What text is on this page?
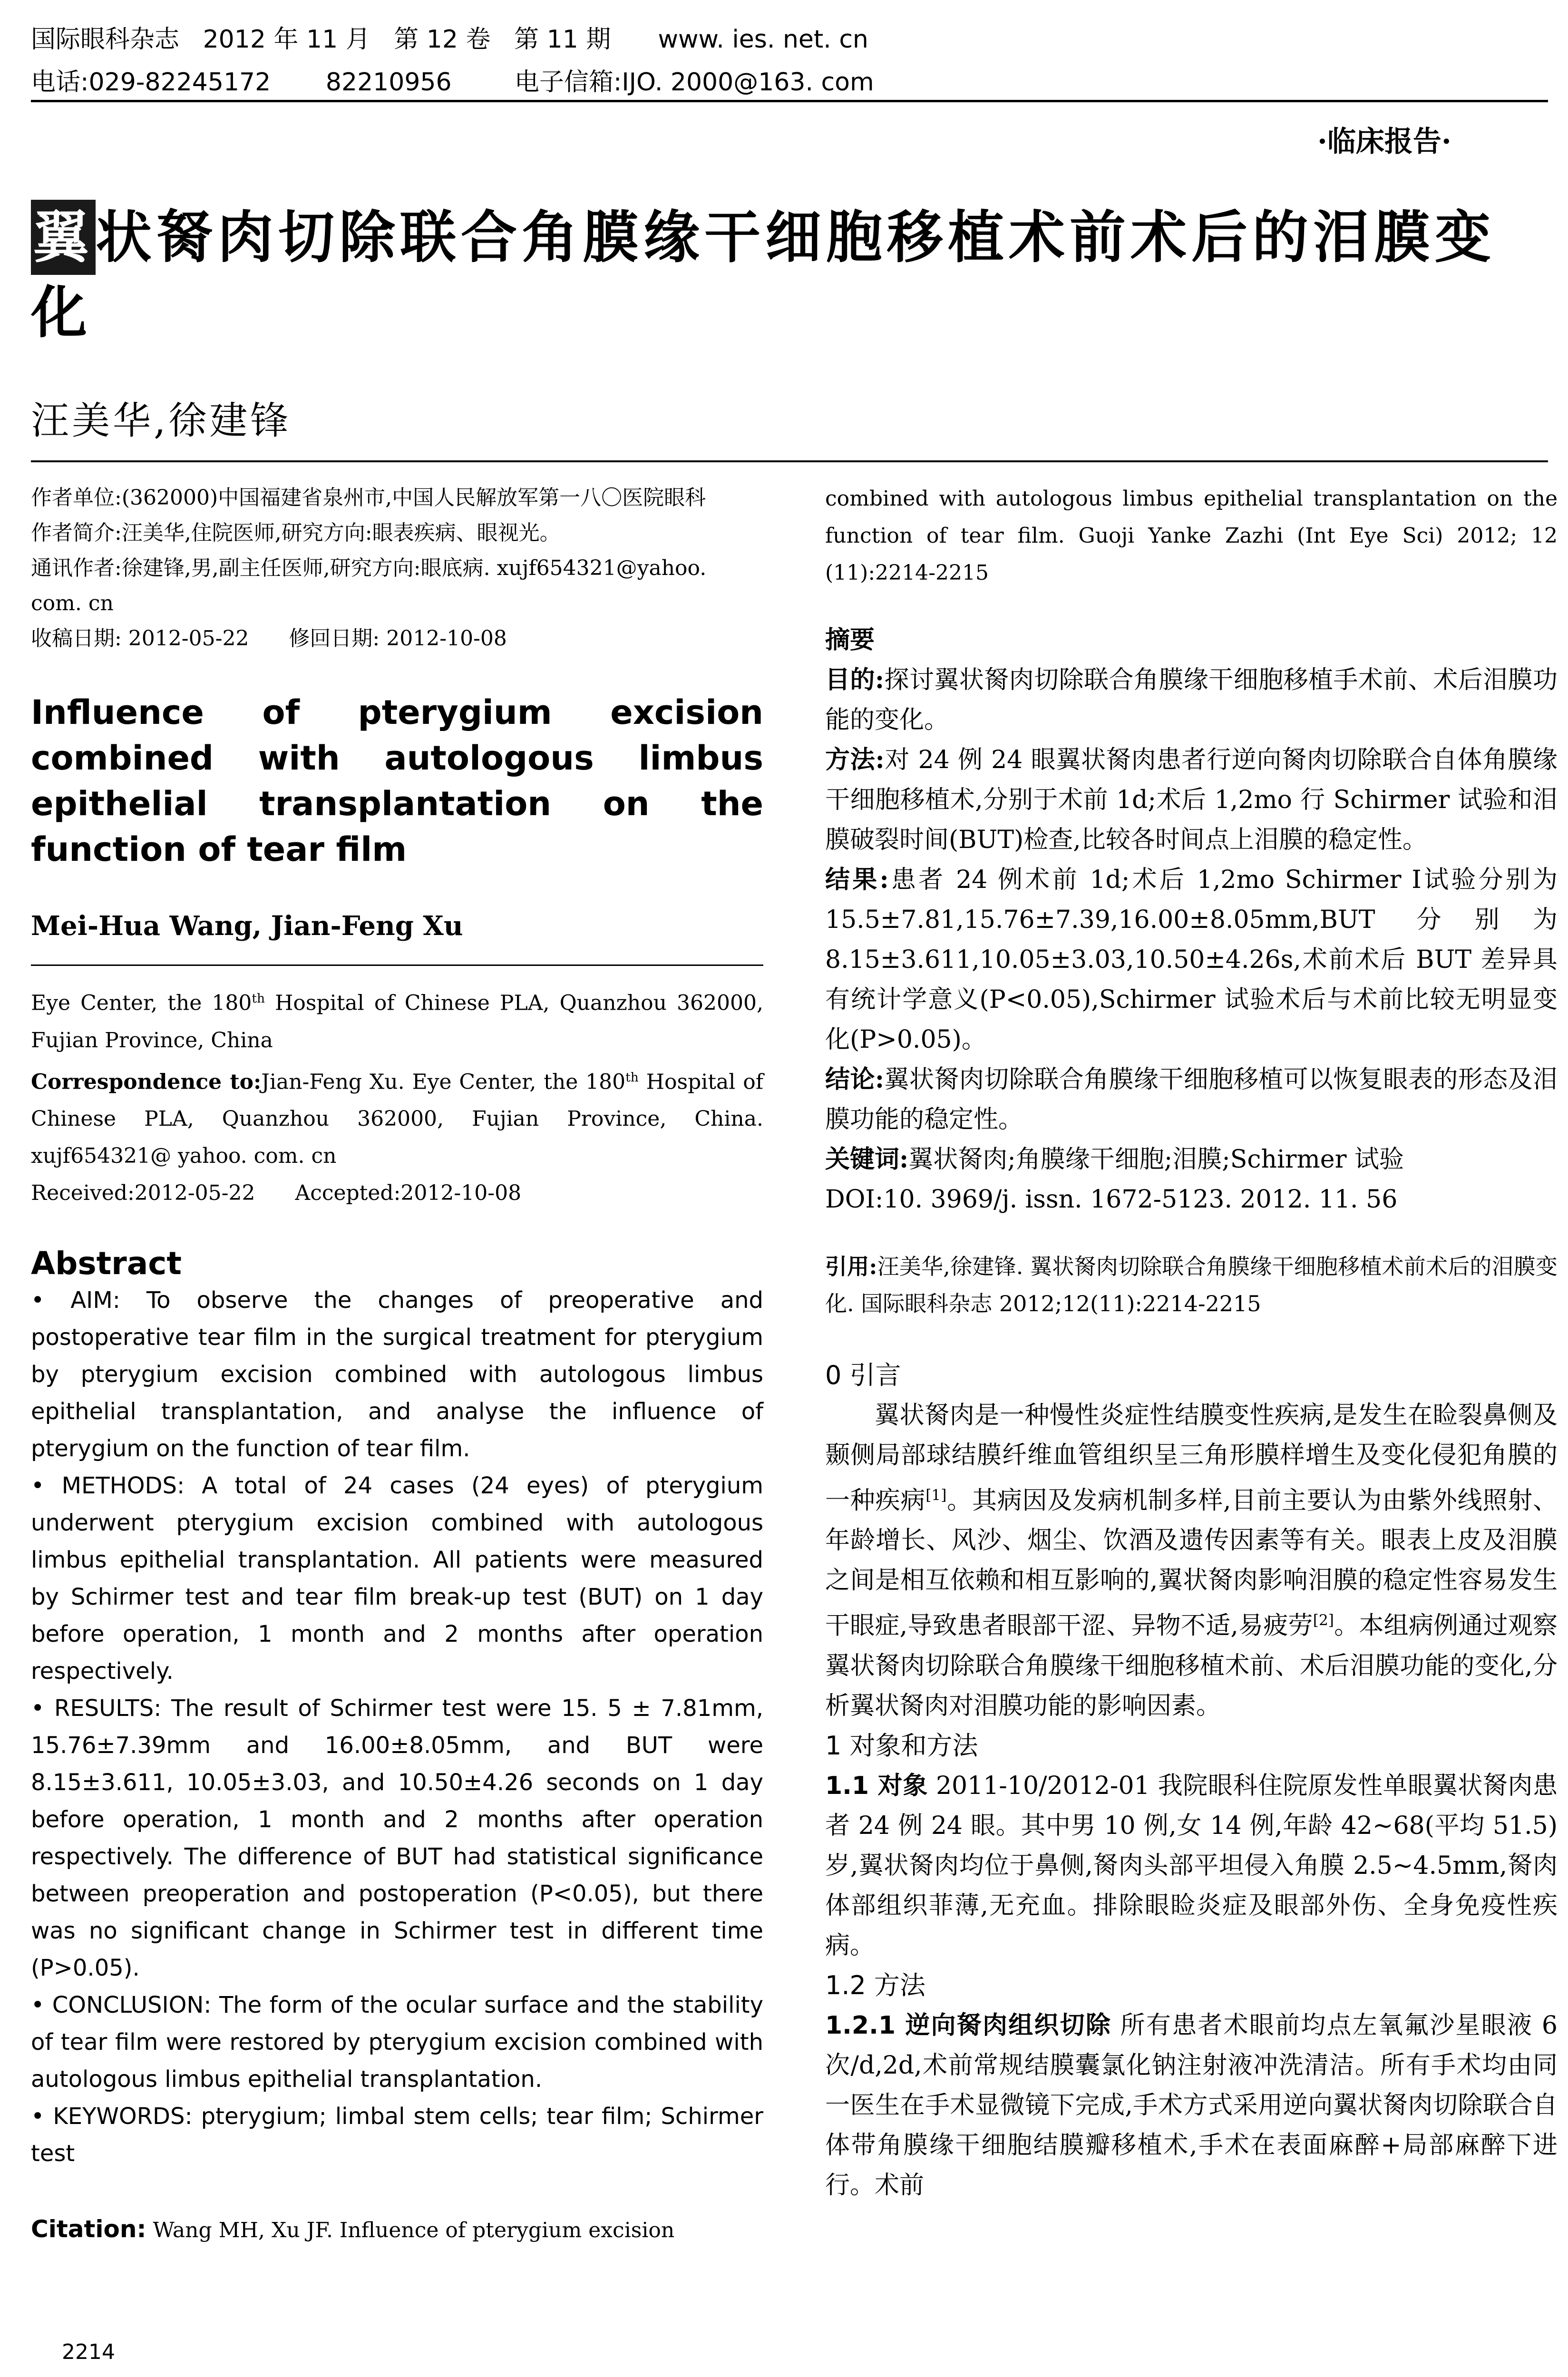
国际眼科杂志   2012 年 11 月   第 12 卷   第 11 期      www. ies. net. cn
电话:029-82245172       82210956        电子信箱:IJO. 2000@163. com
·临床报告·
翼状胬肉切除联合角膜缘干细胞移植术前术后的泪膜变化
汪美华,徐建锋

作者单位:(362000)中国福建省泉州市,中国人民解放军第一八〇医院眼科

作者简介:汪美华,住院医师,研究方向:眼表疾病、眼视光。

通讯作者:徐建锋,男,副主任医师,研究方向:眼底病. xujf654321@yahoo. com. cn

收稿日期: 2012-05-22      修回日期: 2012-10-08

Influence of pterygium excision combined with autologous limbus epithelial transplantation on the function of tear film
Mei-Hua Wang, Jian-Feng Xu

Eye Center, the 180th Hospital of Chinese PLA, Quanzhou 362000, Fujian Province, China

Correspondence to:Jian-Feng Xu. Eye Center, the 180th Hospital of Chinese PLA, Quanzhou 362000, Fujian Province, China. xujf654321@ yahoo. com. cn

Received:2012-05-22      Accepted:2012-10-08

Abstract

• AIM: To observe the changes of preoperative and postoperative tear film in the surgical treatment for pterygium by pterygium excision combined with autologous limbus epithelial transplantation, and analyse the influence of pterygium on the function of tear film.

• METHODS: A total of 24 cases (24 eyes) of pterygium underwent pterygium excision combined with autologous limbus epithelial transplantation. All patients were measured by Schirmer test and tear film break-up test (BUT) on 1 day before operation, 1 month and 2 months after operation respectively.

• RESULTS: The result of Schirmer test were 15. 5 ± 7.81mm, 15.76±7.39mm and 16.00±8.05mm, and BUT were 8.15±3.611, 10.05±3.03, and 10.50±4.26 seconds on 1 day before operation, 1 month and 2 months after operation respectively. The difference of BUT had statistical significance between preoperation and postoperation (P<0.05), but there was no significant change in Schirmer test in different time (P>0.05).

• CONCLUSION: The form of the ocular surface and the stability of tear film were restored by pterygium excision combined with autologous limbus epithelial transplantation.

• KEYWORDS: pterygium; limbal stem cells; tear film; Schirmer test

Citation: Wang MH, Xu JF. Influence of pterygium excision
combined with autologous limbus epithelial transplantation on the function of tear film. Guoji Yanke Zazhi (Int Eye Sci) 2012; 12 (11):2214-2215

摘要

目的:探讨翼状胬肉切除联合角膜缘干细胞移植手术前、术后泪膜功能的变化。

方法:对 24 例 24 眼翼状胬肉患者行逆向胬肉切除联合自体角膜缘干细胞移植术,分别于术前 1d;术后 1,2mo 行 Schirmer 试验和泪膜破裂时间(BUT)检查,比较各时间点上泪膜的稳定性。

结果:患者 24 例术前 1d;术后 1,2mo Schirmer Ⅰ试验分别为 15.5±7.81,15.76±7.39,16.00±8.05mm,BUT 分别为 8.15±3.611,10.05±3.03,10.50±4.26s,术前术后 BUT 差异具有统计学意义(P<0.05),Schirmer 试验术后与术前比较无明显变化(P>0.05)。

结论:翼状胬肉切除联合角膜缘干细胞移植可以恢复眼表的形态及泪膜功能的稳定性。

关键词:翼状胬肉;角膜缘干细胞;泪膜;Schirmer 试验

DOI:10. 3969/j. issn. 1672-5123. 2012. 11. 56

引用:汪美华,徐建锋. 翼状胬肉切除联合角膜缘干细胞移植术前术后的泪膜变化. 国际眼科杂志 2012;12(11):2214-2215

0 引言

翼状胬肉是一种慢性炎症性结膜变性疾病,是发生在睑裂鼻侧及颞侧局部球结膜纤维血管组织呈三角形膜样增生及变化侵犯角膜的一种疾病[1]。其病因及发病机制多样,目前主要认为由紫外线照射、年龄增长、风沙、烟尘、饮酒及遗传因素等有关。眼表上皮及泪膜之间是相互依赖和相互影响的,翼状胬肉影响泪膜的稳定性容易发生干眼症,导致患者眼部干涩、异物不适,易疲劳[2]。本组病例通过观察翼状胬肉切除联合角膜缘干细胞移植术前、术后泪膜功能的变化,分析翼状胬肉对泪膜功能的影响因素。

1 对象和方法

1.1 对象 2011-10/2012-01 我院眼科住院原发性单眼翼状胬肉患者 24 例 24 眼。其中男 10 例,女 14 例,年龄 42~68(平均 51.5)岁,翼状胬肉均位于鼻侧,胬肉头部平坦侵入角膜 2.5~4.5mm,胬肉体部组织菲薄,无充血。排除眼睑炎症及眼部外伤、全身免疫性疾病。

1.2 方法

1.2.1 逆向胬肉组织切除 所有患者术眼前均点左氧氟沙星眼液 6 次/d,2d,术前常规结膜囊氯化钠注射液冲洗清洁。所有手术均由同一医生在手术显微镜下完成,手术方式采用逆向翼状胬肉切除联合自体带角膜缘干细胞结膜瓣移植术,手术在表面麻醉+局部麻醉下进行。术前

2214
